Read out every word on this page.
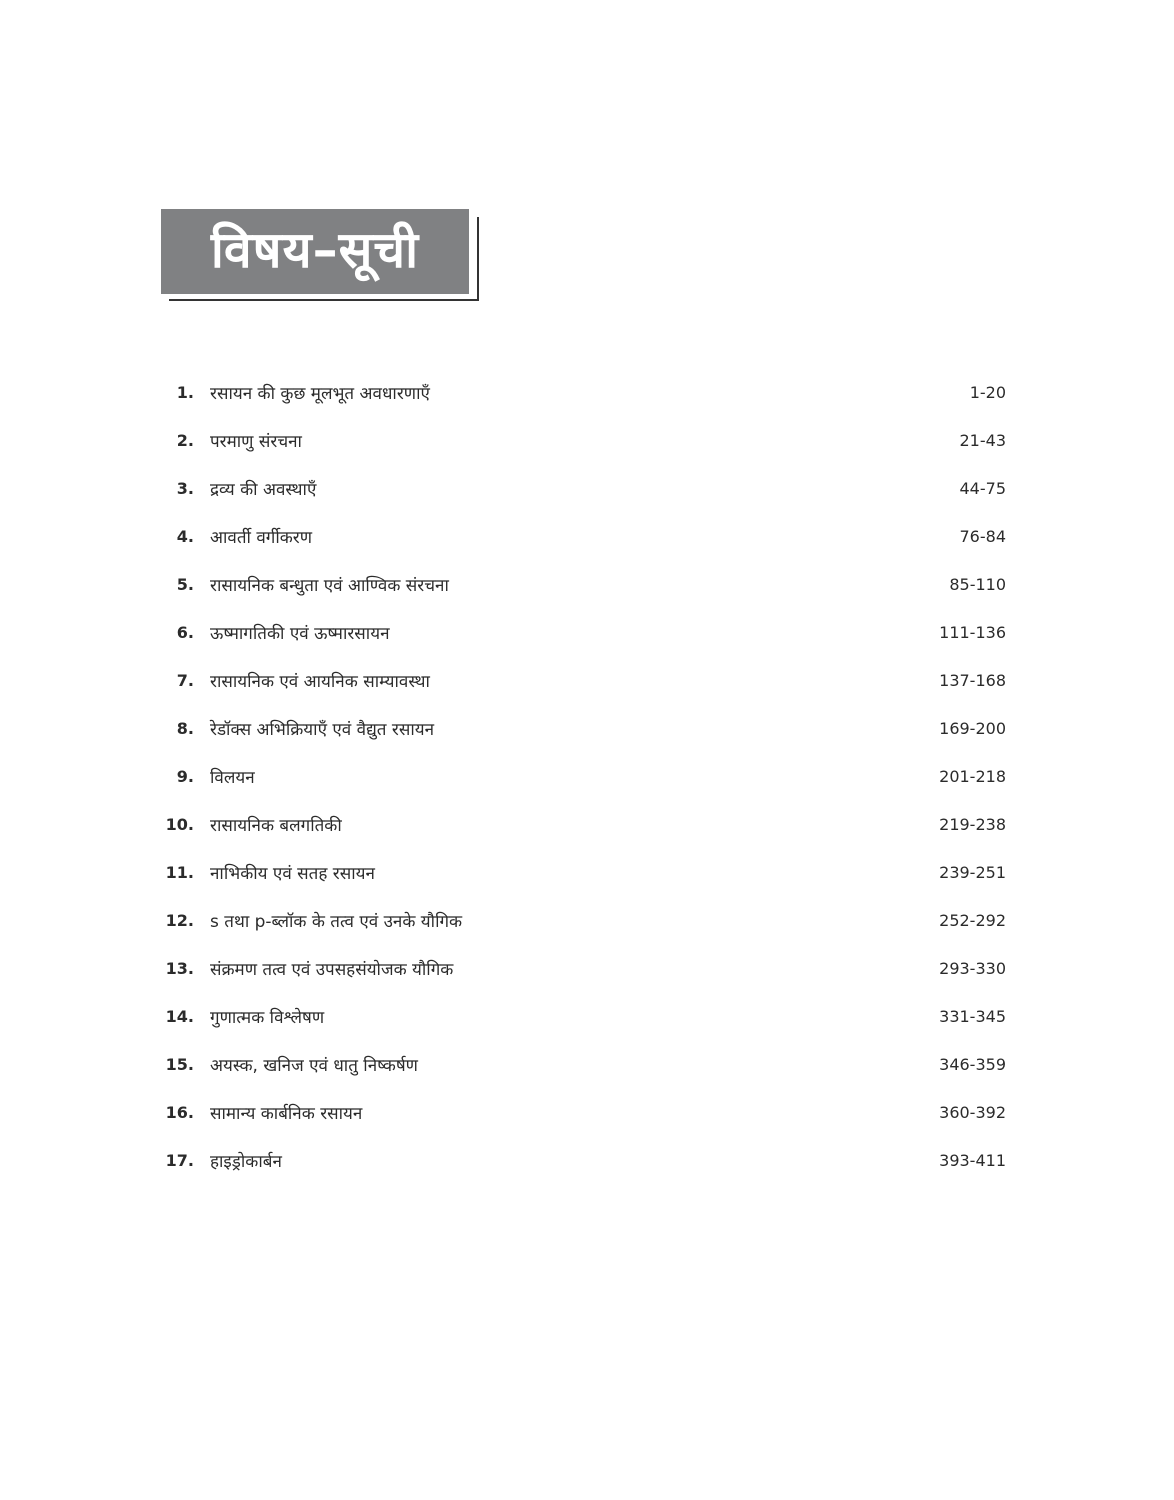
विषय–सूची
1. रसायन की कुछ मूलभूत अवधारणाएँ	1-20
2. परमाणु संरचना	21-43
3. द्रव्य की अवस्थाएँ	44-75
4. आवर्ती वर्गीकरण	76-84
5. रासायनिक बन्धुता एवं आण्विक संरचना	85-110
6. ऊष्मागतिकी एवं ऊष्मारसायन	111-136
7. रासायनिक एवं आयनिक साम्यावस्था	137-168
8. रेडॉक्स अभिक्रियाएँ एवं वैद्युत रसायन	169-200
9. विलयन	201-218
10. रासायनिक बलगतिकी	219-238
11. नाभिकीय एवं सतह रसायन	239-251
12. s तथा p-ब्लॉक के तत्व एवं उनके यौगिक	252-292
13. संक्रमण तत्व एवं उपसहसंयोजक यौगिक	293-330
14. गुणात्मक विश्लेषण	331-345
15. अयस्क, खनिज एवं धातु निष्कर्षण	346-359
16. सामान्य कार्बनिक रसायन	360-392
17. हाइड्रोकार्बन	393-411
